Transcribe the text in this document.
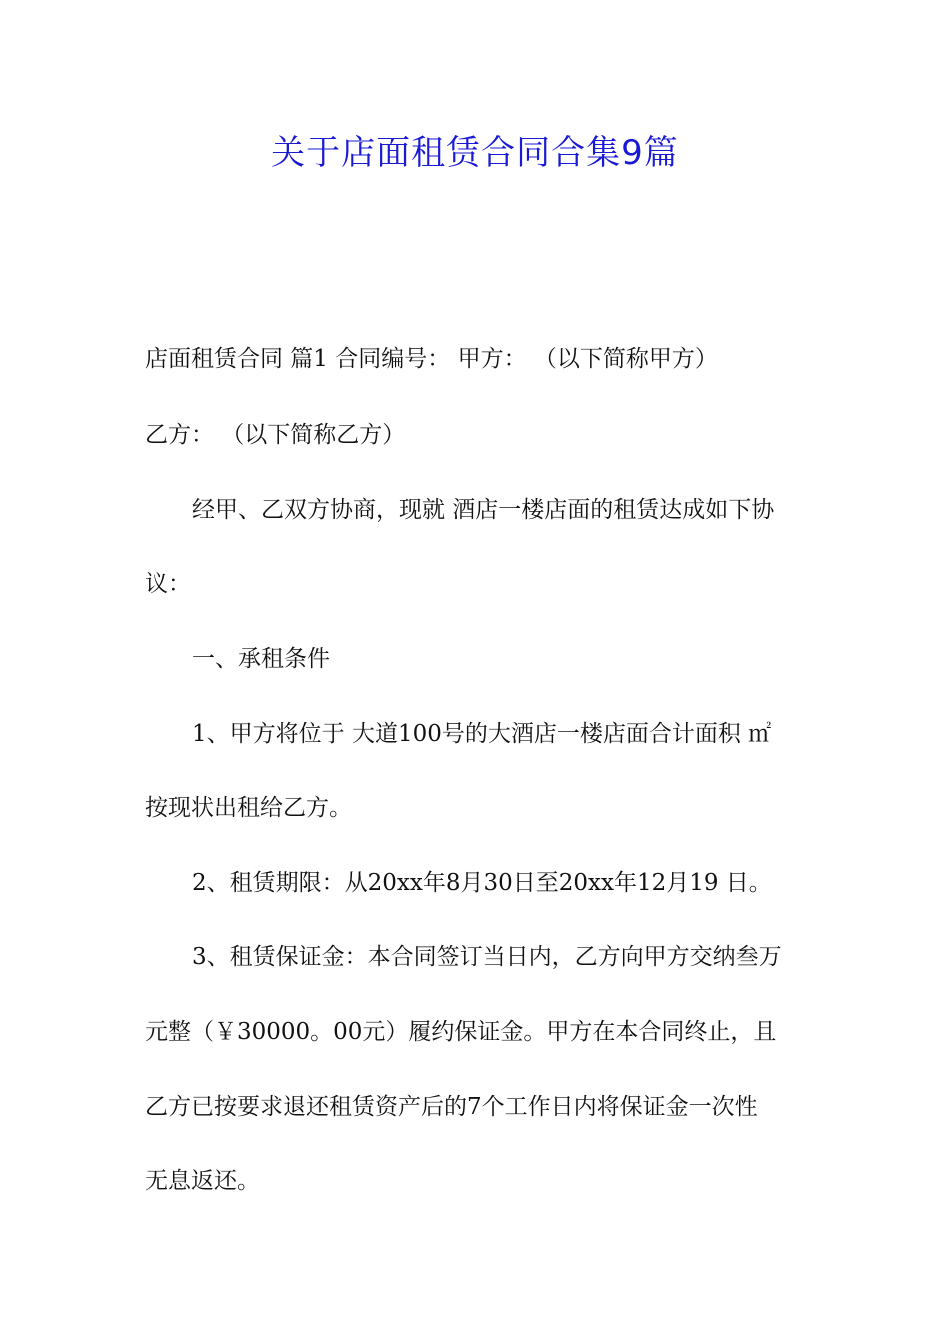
关于店面租赁合同合集9篇
店面租赁合同 篇1 合同编号： 甲方： （以下简称甲方）
乙方： （以下简称乙方）
经甲、乙双方协商，现就 酒店一楼店面的租赁达成如下协
议：
一、承租条件
1、甲方将位于 大道100号的大酒店一楼店面合计面积 ㎡
按现状出租给乙方。
2、租赁期限：从20xx年8月30日至20xx年12月19 日。
3、租赁保证金：本合同签订当日内，乙方向甲方交纳叁万
元整（￥30000。00元）履约保证金。甲方在本合同终止，且
乙方已按要求退还租赁资产后的7个工作日内将保证金一次性
无息返还。
